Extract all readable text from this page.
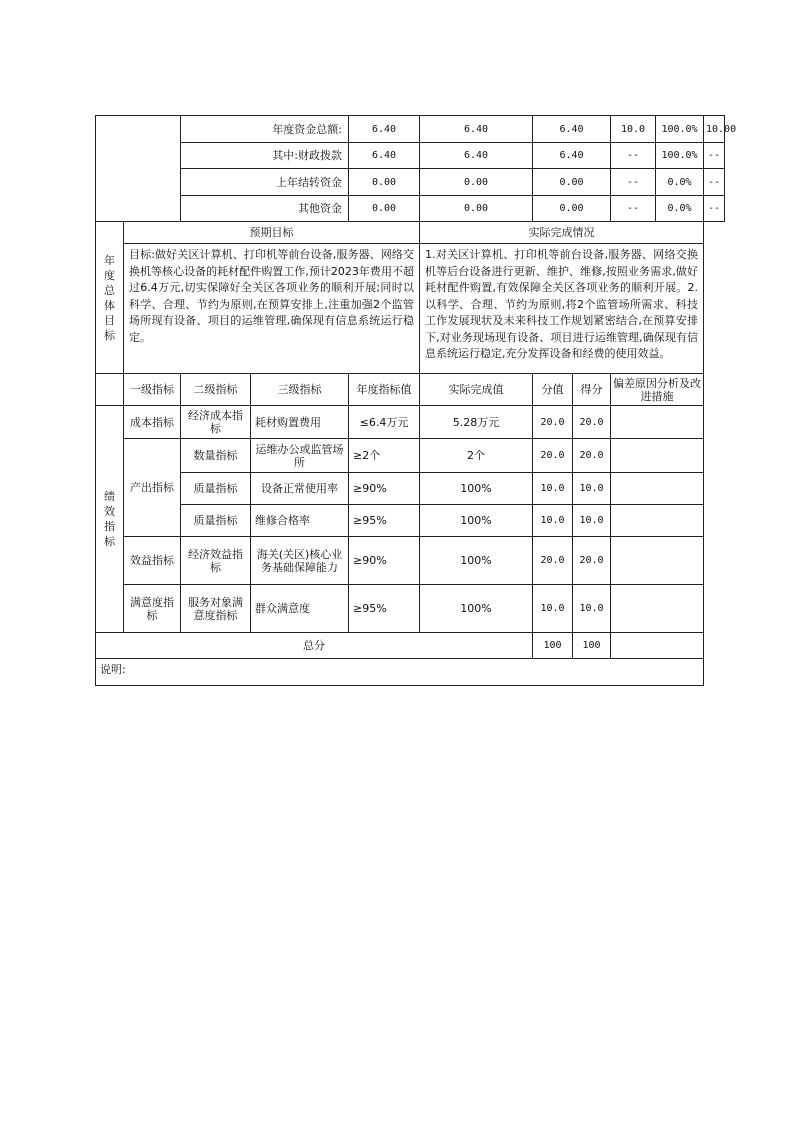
		年度资金总额:		6.40	6.40	6.40		10.0	100.0%	10.00
		其中:财政拨款		6.40	6.40	6.40		--	100.0%	--
		上年结转资金		0.00	0.00	0.00		--	0.0%	--
		其他资金		0.00	0.00	0.00		--	0.0%	--

年度总体目标	预期目标				实际完成情况					
	目标:做好关区计算机、打印机等前台设备,服务器、网络交换机等核心设备的耗材配件购置工作,预计2023年费用不超过6.4万元,切实保障好全关区各项业务的顺利开展;同时以科学、合理、节约为原则,在预算安排上,注重加强2个监管场所现有设备、项目的运维管理,确保现有信息系统运行稳定。				1.对关区计算机、打印机等前台设备,服务器、网络交换机等后台设备进行更新、维护、维修,按照业务需求,做好耗材配件购置,有效保障全关区各项业务的顺利开展。2.以科学、合理、节约为原则,将2个监管场所需求、科技工作发展现状及未来科技工作规划紧密结合,在预算安排下,对业务现场现有设备、项目进行运维管理,确保现有信息系统运行稳定,充分发挥设备和经费的使用效益。					
	一级指标	二级指标	三级指标	年度指标值	实际完成值	分值	得分	偏差原因分析及改进措施		

绩效指标	成本指标	经济成本指标	耗材购置费用	≤6.4万元	5.28万元	20.0	20.0			
	产出指标	数量指标	运维办公或监管场所	≥2个	2个	20.0	20.0			
		质量指标	设备正常使用率	≥90%	100%	10.0	10.0			
		质量指标	维修合格率	≥95%	100%	10.0	10.0			
	效益指标	经济效益指标	海关(关区)核心业务基础保障能力	≥90%	100%	20.0	20.0			
	满意度指标	服务对象满意度指标	群众满意度	≥95%	100%	10.0	10.0			
总分						100	100			
说明:										
